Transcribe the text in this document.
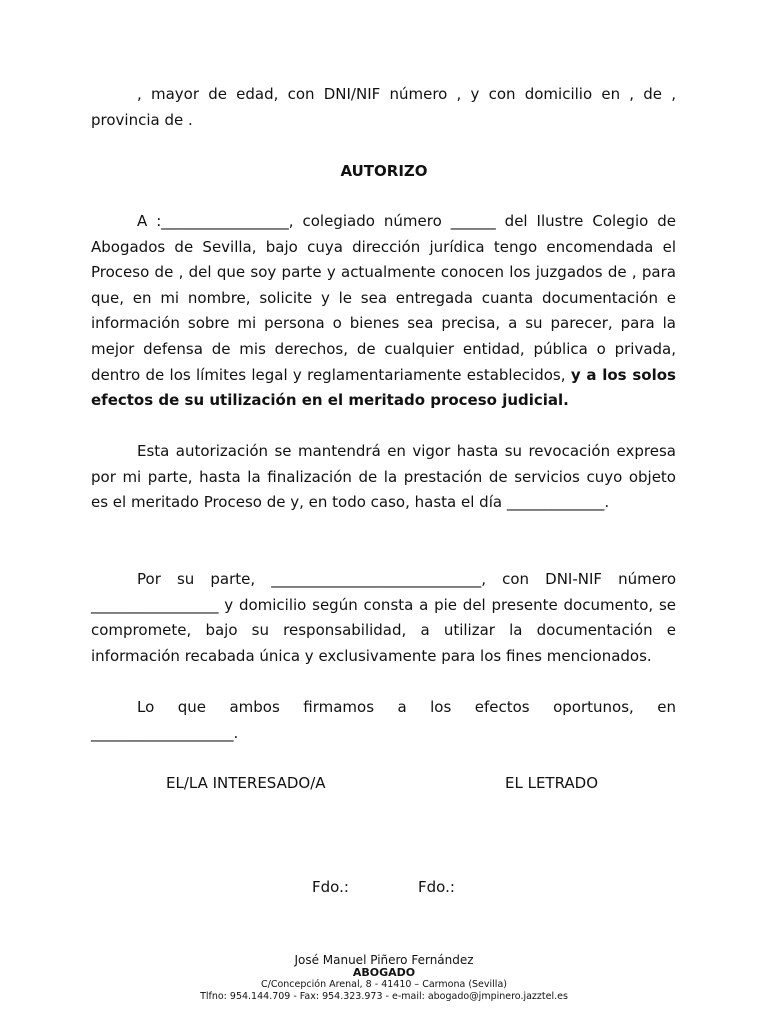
, mayor de edad, con DNI/NIF número , y con domicilio en , de , provincia de .

AUTORIZO

A :_________________, colegiado número ______ del Ilustre Colegio de Abogados de Sevilla, bajo cuya dirección jurídica tengo encomendada el Proceso de , del que soy parte y actualmente conocen los juzgados de , para que, en mi nombre, solicite y le sea entregada cuanta documentación e información sobre mi persona o bienes sea precisa, a su parecer, para la mejor defensa de mis derechos, de cualquier entidad, pública o privada, dentro de los límites legal y reglamentariamente establecidos, y a los solos efectos de su utilización en el meritado proceso judicial.

Esta autorización se mantendrá en vigor hasta su revocación expresa por mi parte, hasta la finalización de la prestación de servicios cuyo objeto es el meritado Proceso de y, en todo caso, hasta el día _____________.

Por su parte, ____________________________, con DNI-NIF número _________________ y domicilio según consta a pie del presente documento, se compromete, bajo su responsabilidad, a utilizar la documentación e información recabada única y exclusivamente para los fines mencionados.

Lo que ambos firmamos a los efectos oportunos, en ___________________.

EL/LA INTERESADO/A	EL LETRADO

Fdo.:	Fdo.:

José Manuel Piñero Fernández
ABOGADO
C/Concepción Arenal, 8 - 41410 – Carmona (Sevilla)
Tlfno: 954.144.709 - Fax: 954.323.973 - e-mail: abogado@jmpinero.jazztel.es
